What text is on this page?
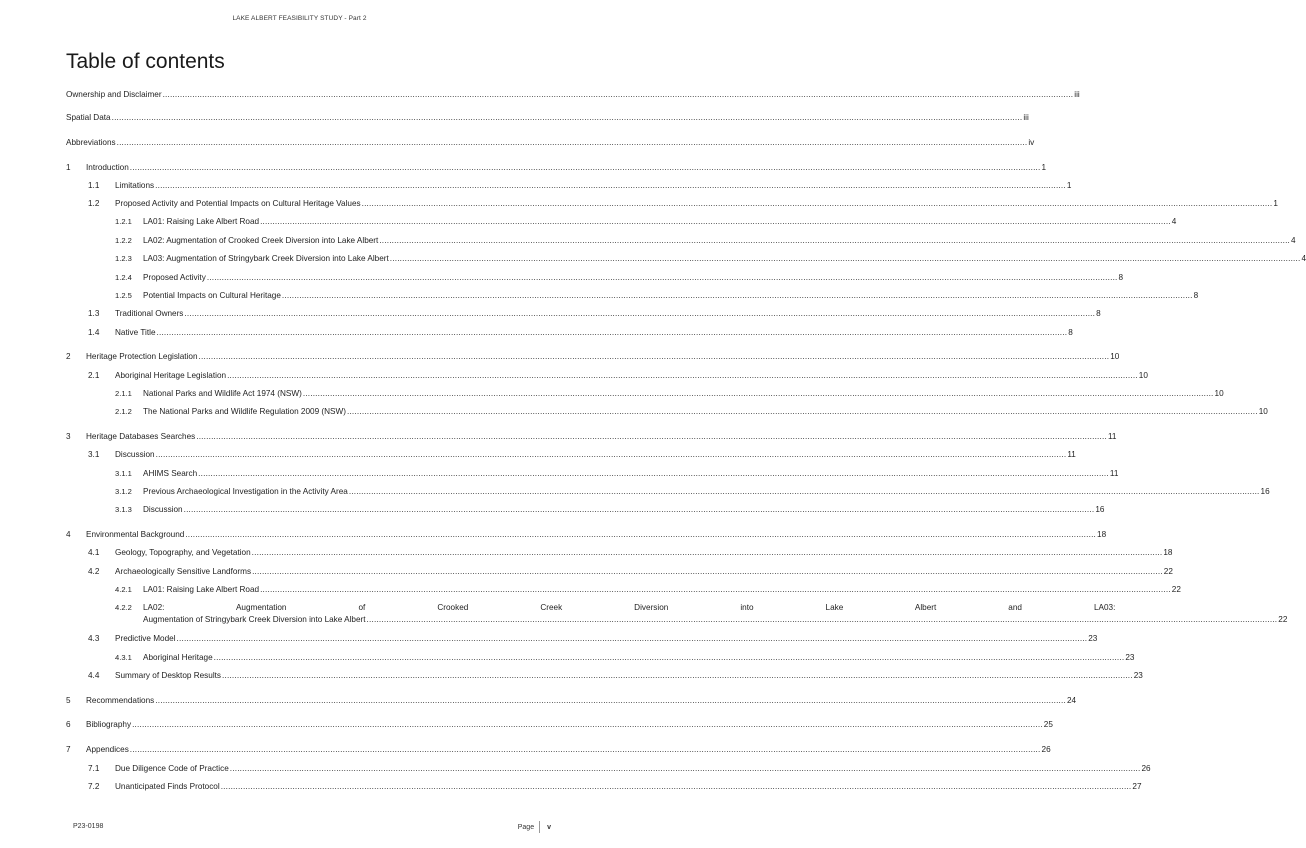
LAKE ALBERT FEASIBILITY STUDY - Part 2
Table of contents
Ownership and Disclaimer .....	iii
Spatial Data .....	iii
Abbreviations .....	iv
1	Introduction .....	1
1.1	Limitations .....	1
1.2	Proposed Activity and Potential Impacts on Cultural Heritage Values .....	1
1.2.1	LA01: Raising Lake Albert Road .....	4
1.2.2	LA02: Augmentation of Crooked Creek Diversion into Lake Albert .....	4
1.2.3	LA03: Augmentation of Stringybark Creek Diversion into Lake Albert .....	4
1.2.4	Proposed Activity .....	8
1.2.5	Potential Impacts on Cultural Heritage .....	8
1.3	Traditional Owners .....	8
1.4	Native Title .....	8
2	Heritage Protection Legislation .....	10
2.1	Aboriginal Heritage Legislation .....	10
2.1.1	National Parks and Wildlife Act 1974 (NSW) .....	10
2.1.2	The National Parks and Wildlife Regulation 2009 (NSW) .....	10
3	Heritage Databases Searches .....	11
3.1	Discussion .....	11
3.1.1	AHIMS Search .....	11
3.1.2	Previous Archaeological Investigation in the Activity Area .....	16
3.1.3	Discussion .....	16
4	Environmental Background .....	18
4.1	Geology, Topography, and Vegetation .....	18
4.2	Archaeologically Sensitive Landforms .....	22
4.2.1	LA01: Raising Lake Albert Road .....	22
4.2.2	LA02: Augmentation of Crooked Creek Diversion into Lake Albert and LA03:
Augmentation of Stringybark Creek Diversion into Lake Albert .....	22
4.3	Predictive Model .....	23
4.3.1	Aboriginal Heritage .....	23
4.4	Summary of Desktop Results .....	23
5	Recommendations .....	24
6	Bibliography .....	25
7	Appendices .....	26
7.1	Due Diligence Code of Practice .....	26
7.2	Unanticipated Finds Protocol .....	27
P23-0198	Page v
